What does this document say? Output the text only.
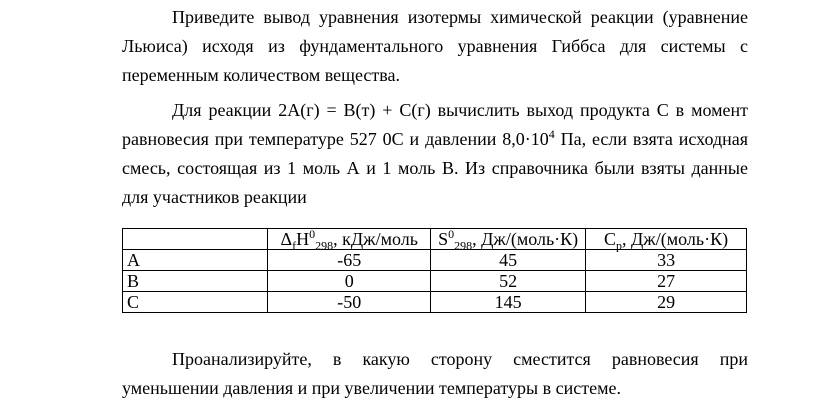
Приведите вывод уравнения изотермы химической реакции (уравнение
Льюиса) исходя из фундаментального уравнения Гиббса для системы с
переменным количеством вещества.

Для реакции 2А(г) = В(т) + С(г) вычислить выход продукта С в момент
равновесия при температуре 527 0С и давлении $8,0\cdot 10^4$ Па, если взята исходная
смесь, состоящая из 1 моль А и 1 моль В. Из справочника были взяты данные
для участников реакции

	$\Delta_fH^0_{298}$, кДж/моль	$S^0_{298}$, Дж/(моль·К)	$C_p$, Дж/(моль·К)
A	-65	45	33
B	0	52	27
C	-50	145	29

Проанализируйте, в какую сторону сместится равновесия при
уменьшении давления и при увеличении температуры в системе.
